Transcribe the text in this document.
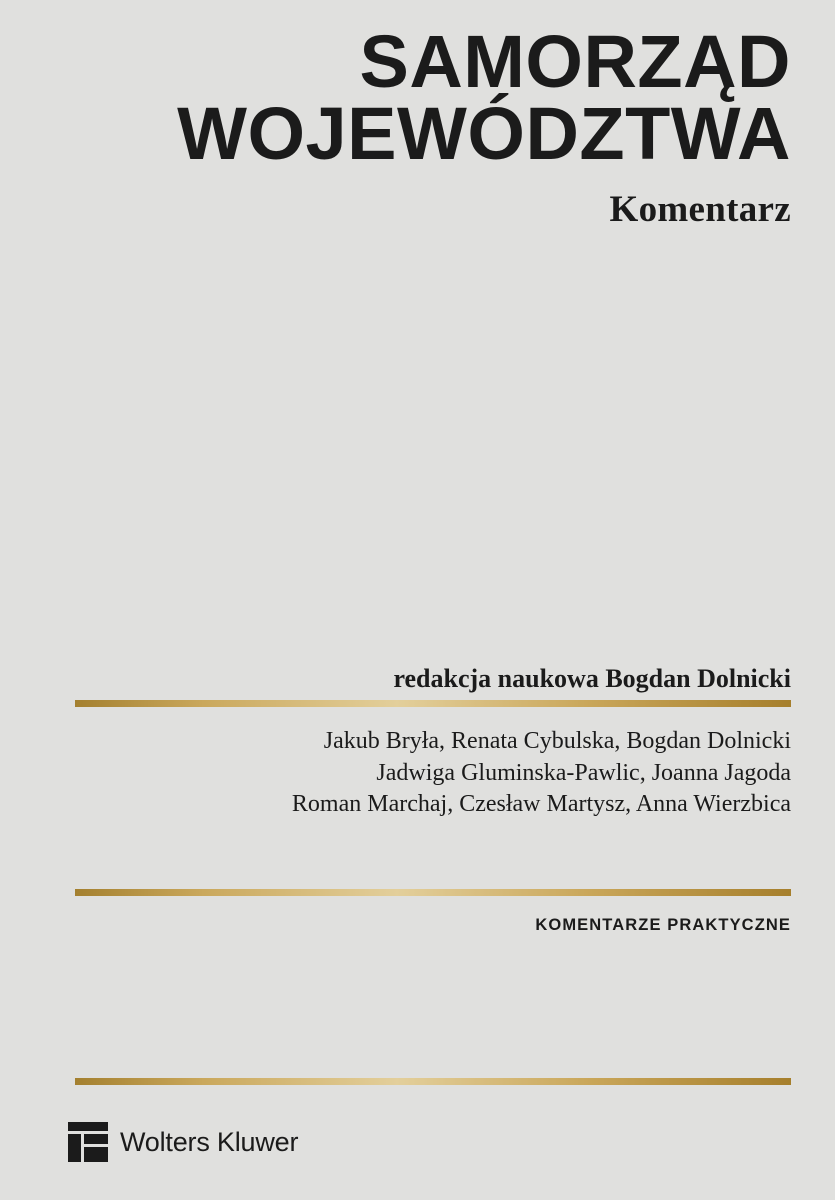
SAMORZĄD
WOJEWÓDZTWA
Komentarz
redakcja naukowa Bogdan Dolnicki
Jakub Bryła, Renata Cybulska, Bogdan Dolnicki
Jadwiga Gluminska-Pawlic, Joanna Jagoda
Roman Marchaj, Czesław Martysz, Anna Wierzbica
KOMENTARZE PRAKTYCZNE
Wolters Kluwer
